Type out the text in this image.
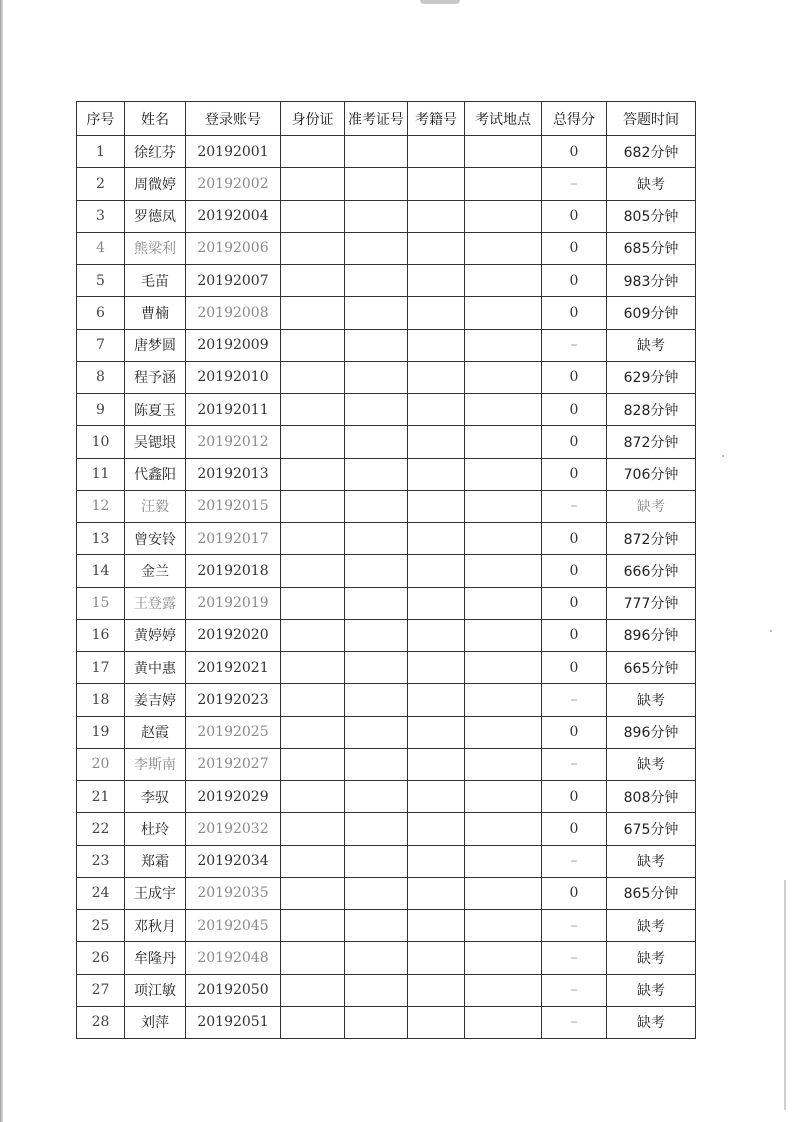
序号	姓名	登录账号	身份证	准考证号	考籍号	考试地点	总得分	答题时间
1	徐红芬	20192001					0	682分钟
2	周微婷	20192002					–	缺考
3	罗德凤	20192004					0	805分钟
4	熊梁利	20192006					0	685分钟
5	毛苗	20192007					0	983分钟
6	曹楠	20192008					0	609分钟
7	唐梦圆	20192009					–	缺考
8	程予涵	20192010					0	629分钟
9	陈夏玉	20192011					0	828分钟
10	吴锶垠	20192012					0	872分钟
11	代鑫阳	20192013					0	706分钟
12	汪毅	20192015					–	缺考
13	曾安铃	20192017					0	872分钟
14	金兰	20192018					0	666分钟
15	王登露	20192019					0	777分钟
16	黄婷婷	20192020					0	896分钟
17	黄中惠	20192021					0	665分钟
18	姜吉婷	20192023					–	缺考
19	赵霞	20192025					0	896分钟
20	李斯南	20192027					–	缺考
21	李驭	20192029					0	808分钟
22	杜玲	20192032					0	675分钟
23	郑霜	20192034					–	缺考
24	王成宇	20192035					0	865分钟
25	邓秋月	20192045					–	缺考
26	牟隆丹	20192048					–	缺考
27	项江敏	20192050					–	缺考
28	刘萍	20192051					–	缺考
